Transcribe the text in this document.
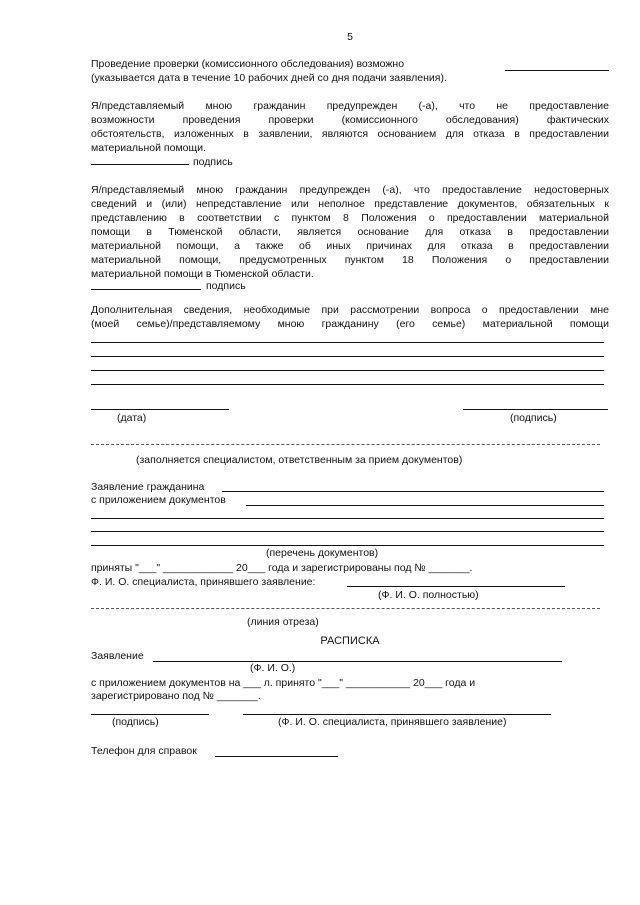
5
Проведение проверки (комиссионного обследования) возможно
(указывается дата в течение 10 рабочих дней со дня подачи заявления).
Я/представляемый мною гражданин предупрежден (-а), что не предоставление
возможности проведения проверки (комиссионного обследования) фактических
обстоятельств, изложенных в заявлении, являются основанием для отказа в предоставлении
материальной помощи.
подпись
Я/представляемый мною гражданин предупрежден (-а), что предоставление недостоверных
сведений и (или) непредставление или неполное представление документов, обязательных к
представлению в соответствии с пунктом 8 Положения о предоставлении материальной
помощи в Тюменской области, является основание для отказа в предоставлении
материальной помощи, а также об иных причинах для отказа в предоставлении
материальной помощи, предусмотренных пунктом 18 Положения о предоставлении
материальной помощи в Тюменской области.
подпись
Дополнительная сведения, необходимые при рассмотрении вопроса о предоставлении мне
(моей семье)/представляемому мною гражданину (его семье) материальной помощи
(дата)	(подпись)
(заполняется специалистом, ответственным за прием документов)
Заявление гражданина
с приложением документов
(перечень документов)
приняты "___" ____________ 20___ года и зарегистрированы под № _______.
Ф. И. О. специалиста, принявшего заявление:
(Ф. И. О. полностью)
(линия отреза)
РАСПИСКА
Заявление
(Ф. И. О.)
с приложением документов на ___ л. принято "___" ___________ 20___ года и
зарегистрировано под № _______.
(подпись)	(Ф. И. О. специалиста, принявшего заявление)
Телефон для справок
